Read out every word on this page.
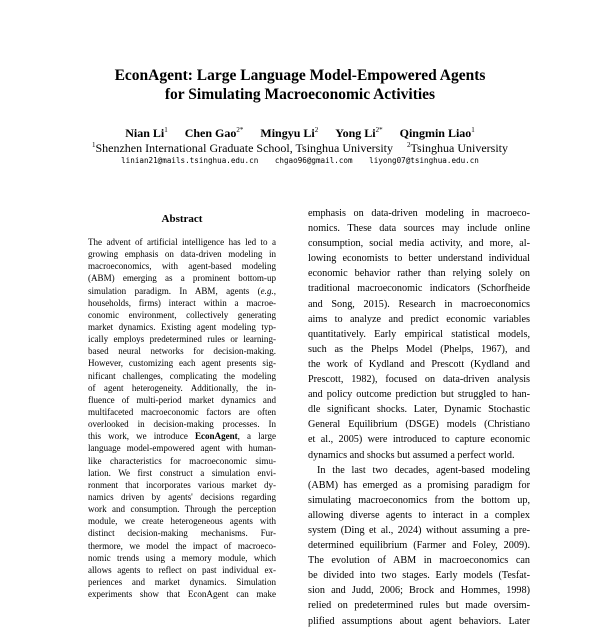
EconAgent: Large Language Model-Empowered Agents
for Simulating Macroeconomic Activities
Nian Li$^1$ Chen Gao$^{2*}$ Mingyu Li$^2$ Yong $Li^{2*}$ Qingmin Liao$^1$
$^1$Shenzhen International Graduate School, Tsinghua University $^2$Tsinghua University
linian21@mails.tsinghua.edu.cn chgao96@gmail.com liyong07@tsinghua.edu.cn
Abstract
The advent of artificial intelligence has led to a
growing emphasis on data-driven modeling in
macroeconomics, with agent-based modeling
(ABM) emerging as a prominent bottom-up
simulation paradigm. In ABM, agents (e.g.,
households, firms) interact within a macroe-
conomic environment, collectively generating
market dynamics. Existing agent modeling typ-
ically employs predetermined rules or learning-
based neural networks for decision-making.
However, customizing each agent presents sig-
nificant challenges, complicating the modeling
of agent heterogeneity. Additionally, the in-
fluence of multi-period market dynamics and
multifaceted macroeconomic factors are often
overlooked in decision-making processes. In
this work, we introduce EconAgent, a large
language model-empowered agent with human-
like characteristics for macroeconomic simu-
lation. We first construct a simulation envi-
ronment that incorporates various market dy-
namics driven by agents' decisions regarding
work and consumption. Through the perception
module, we create heterogeneous agents with
distinct decision-making mechanisms. Fur-
thermore, we model the impact of macroeco-
nomic trends using a memory module, which
allows agents to reflect on past individual ex-
periences and market dynamics. Simulation
experiments show that EconAgent can make
emphasis on data-driven modeling in macroeco-
nomics. These data sources may include online
consumption, social media activity, and more, al-
lowing economists to better understand individual
economic behavior rather than relying solely on
traditional macroeconomic indicators (Schorfheide
and Song, 2015). Research in macroeconomics
aims to analyze and predict economic variables
quantitatively. Early empirical statistical models,
such as the Phelps Model (Phelps, 1967), and
the work of Kydland and Prescott (Kydland and
Prescott, 1982), focused on data-driven analysis
and policy outcome prediction but struggled to han-
dle significant shocks. Later, Dynamic Stochastic
General Equilibrium (DSGE) models (Christiano
et al., 2005) were introduced to capture economic
dynamics and shocks but assumed a perfect world.
In the last two decades, agent-based modeling
(ABM) has emerged as a promising paradigm for
simulating macroeconomics from the bottom up,
allowing diverse agents to interact in a complex
system (Ding et al., 2024) without assuming a pre-
determined equilibrium (Farmer and Foley, 2009).
The evolution of ABM in macroeconomics can
be divided into two stages. Early models (Tesfat-
sion and Judd, 2006; Brock and Hommes, 1998)
relied on predetermined rules but made oversim-
plified assumptions about agent behaviors. Later
